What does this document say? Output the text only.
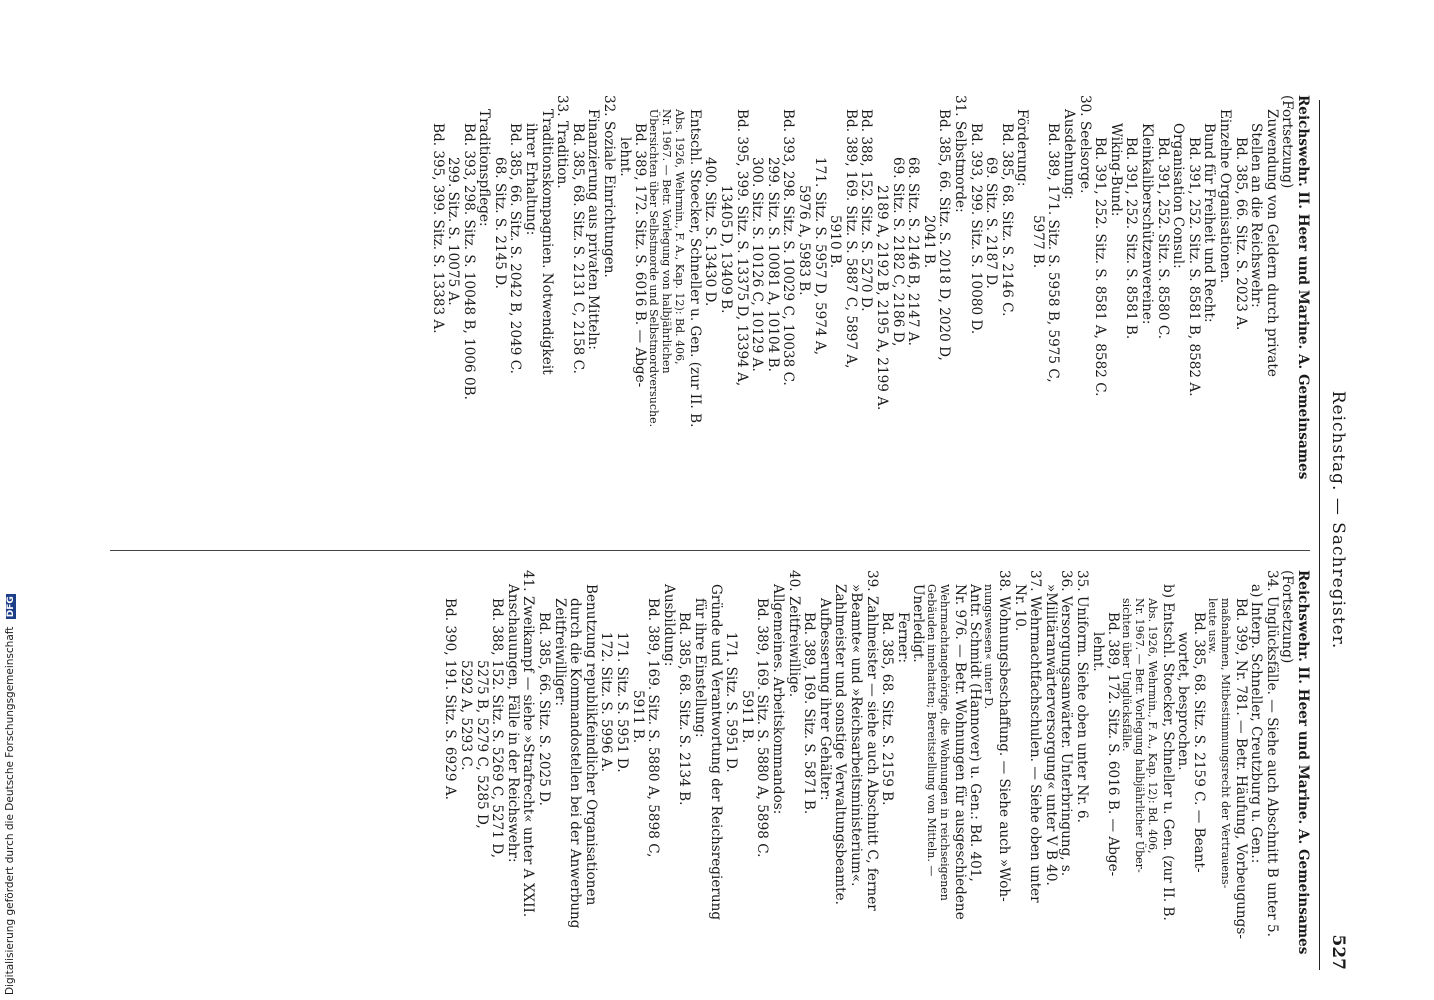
Reichstag. — Sachregister.
527
Reichswehr. II. Heer und Marine. A. Gemeinsames
(Fortsetzung)
Zuwendung von Geldern durch private
Stellen an die Reichswehr:
Bd. 385, 66. Sitz. S. 2023 A.
Einzelne Organisationen.
Bund für Freiheit und Recht:
Bd. 391, 252. Sitz. S. 8581 B, 8582 A.
Organisation Consul:
Bd. 391, 252. Sitz. S. 8580 C.
Kleinkaliberschützenvereine:
Bd. 391, 252. Sitz. S. 8581 B.
Wiking-Bund:
Bd. 391, 252. Sitz. S. 8581 A, 8582 C.
30. Seelsorge.
Ausdehnung:
Bd. 389, 171. Sitz. S. 5958 B, 5975 C,
5977 B.
Förderung:
Bd. 385, 68. Sitz. S. 2146 C.
69. Sitz. S. 2187 D.
Bd. 393, 299. Sitz. S. 10080 D.
31. Selbstmorde:
Bd. 385, 66. Sitz. S. 2018 D, 2020 D,
2041 B.
68. Sitz. S. 2146 B, 2147 A.
69. Sitz. S. 2182 C, 2186 D,
2189 A, 2192 B, 2195 A, 2199 A.
Bd. 388, 152. Sitz. S. 5270 D.
Bd. 389, 169. Sitz. S. 5887 C, 5897 A,
5910 B.
171. Sitz. S. 5957 D, 5974 A,
5976 A, 5983 B.
Bd. 393, 298. Sitz. S. 10029 C, 10038 C.
299. Sitz. S. 10081 A, 10104 B.
300. Sitz. S. 10126 C, 10129 A.
Bd. 395, 399. Sitz. S. 13375 D, 13394 A,
13405 D, 13409 B.
400. Sitz. S. 13430 D.
Entschl. Stoecker, Schneller u. Gen. (zur II. B.
Abs. 1926, Wehrmin., F. A., Kap. 12): Bd. 406,
Nr. 1967. — Betr. Vorlegung von halbjährlichen
Übersichten über Selbstmorde und Selbstmordversuche.
Bd. 389, 172. Sitz. S. 6016 B. — Abge-
lehnt.
32. Soziale Einrichtungen.
Finanzierung aus privaten Mitteln:
Bd. 385, 68. Sitz. S. 2131 C, 2158 C.
33. Tradition.
Traditionskompagnien. Notwendigkeit
ihrer Erhaltung:
Bd. 385, 66. Sitz. S. 2042 B, 2049 C.
68. Sitz. S. 2145 D.
Traditionspflege:
Bd. 393, 298. Sitz. S. 10048 B, 1006 0B.
299. Sitz. S. 10075 A.
Bd. 395, 399. Sitz. S. 13383 A.
Reichswehr. II. Heer und Marine. A. Gemeinsames
(Fortsetzung)
34. Unglücksfälle. — Siehe auch Abschnitt B unter 5.
a) Interp. Schneller, Creutzburg u. Gen.:
Bd. 399, Nr. 781. — Betr. Häufung, Vorbeugungs-
maßnahmen, Mitbestimmungsrecht der Vertrauens-
leute usw.
Bd. 385, 68. Sitz. S. 2159 C. — Beant-
wortet, besprochen.
b) Entschl. Stoecker, Schneller u. Gen. (zur II. B.
Abs. 1926, Wehrmin., F. A., Kap. 12): Bd. 406,
Nr. 1967. — Betr. Vorlegung halbjährlicher Über-
sichten über Unglücksfälle.
Bd. 389, 172. Sitz. S. 6016 B. — Abge-
lehnt.
35. Uniform. Siehe oben unter Nr. 6.
36. Versorgungsanwärter. Unterbringung, s.
»Militäranwärterversorgung« unter V B 40.
37. Wehrmachtfachschulen. — Siehe oben unter
Nr. 10.
38. Wohnungsbeschaffung. — Siehe auch »Woh-
nungswesen« unter D.
Antr. Schmidt (Hannover) u. Gen.: Bd. 401,
Nr. 976. — Betr. Wohnungen für ausgeschiedene
Wehrmachtangehörige, die Wohnungen in reichseigenen
Gebäuden innehatten; Bereitstellung von Mitteln. —
Unerledigt.
Ferner:
Bd. 385, 68. Sitz. S. 2159 B.
39. Zahlmeister — siehe auch Abschnitt C, ferner
»Beamte« und »Reichsarbeitsministerium«.
Zahlmeister und sonstige Verwaltungsbeamte.
Aufbesserung ihrer Gehälter:
Bd. 389, 169. Sitz. S. 5871 B.
40. Zeitfreiwillige.
Allgemeines. Arbeitskommandos:
Bd. 389, 169. Sitz. S. 5880 A, 5898 C.
5911 B.
171. Sitz. S. 5951 D.
Gründe und Verantwortung der Reichsregierung
für ihre Einstellung:
Bd. 385, 68. Sitz. S. 2134 B.
Ausbildung:
Bd. 389, 169. Sitz. S. 5880 A, 5898 C,
5911 B.
171. Sitz. S. 5951 D.
172. Sitz. S. 5996 A.
Benutzung republikfeindlicher Organisationen
durch die Kommandostellen bei der Anwerbung
Zeitfreiwilliger:
Bd. 385, 66. Sitz. S. 2025 D.
41. Zweikampf — siehe »Strafrecht« unter A XXII.
Anschauungen, Fälle in der Reichswehr:
Bd. 388, 152. Sitz. S. 5269 C, 5271 D,
5275 B, 5279 C, 5285 D,
5292 A, 5293 C.
Bd. 390, 191. Sitz. S. 6929 A.
Digitalisierung gefördert durch die Deutsche Forschungsgemeinschaft DFG
